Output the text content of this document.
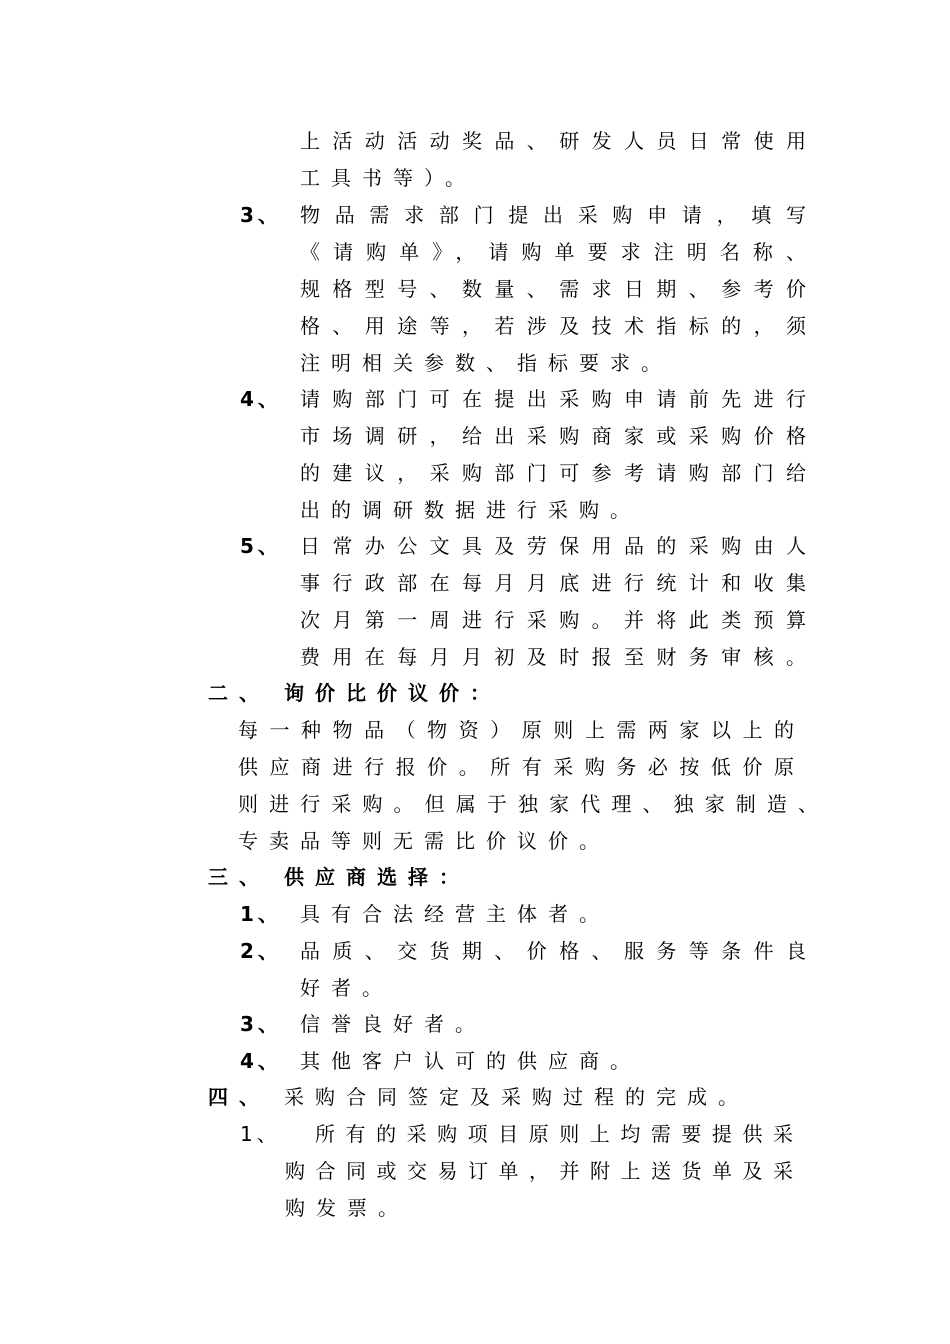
上活动活动奖品、研发人员日常使用
工具书等）。
3、 物品需求部门提出采购申请，填写
《请购单》，请购单要求注明名称、
规格型号、数量、需求日期、参考价
格、用途等，若涉及技术指标的，须
注明相关参数、指标要求。
4、 请购部门可在提出采购申请前先进行
市场调研，给出采购商家或采购价格
的建议，采购部门可参考请购部门给
出的调研数据进行采购。
5、 日常办公文具及劳保用品的采购由人
事行政部在每月月底进行统计和收集
次月第一周进行采购。并将此类预算
费用在每月月初及时报至财务审核。
二、 询价比价议价：
每一种物品（物资）原则上需两家以上的
供应商进行报价。所有采购务必按低价原
则进行采购。但属于独家代理、独家制造、
专卖品等则无需比价议价。
三、 供应商选择：
1、 具有合法经营主体者。
2、 品质、交货期、价格、服务等条件良
好者。
3、 信誉良好者。
4、 其他客户认可的供应商。
四、 采购合同签定及采购过程的完成。
1、 所有的采购项目原则上均需要提供采
购合同或交易订单，并附上送货单及采
购发票。
